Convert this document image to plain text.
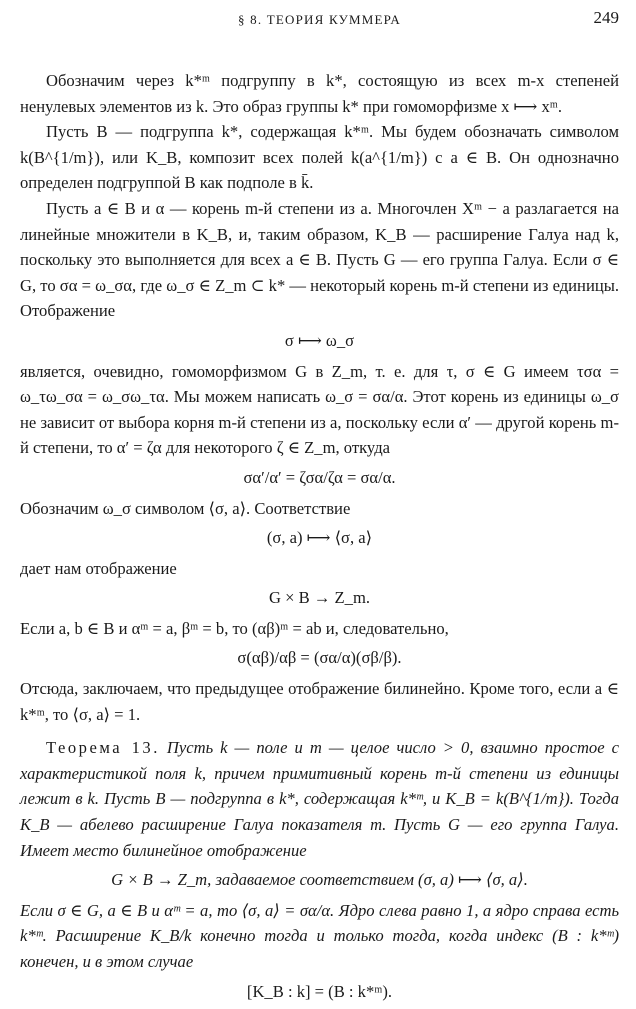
§ 8. ТЕОРИЯ КУММЕРА	249

Обозначим через k*ᵐ подгруппу в k*, состоящую из всех m-х степеней ненулевых элементов из k. Это образ группы k* при гомоморфизме x ⟼ xᵐ.

Пусть B — подгруппа k*, содержащая k*ᵐ. Мы будем обозначать символом k(B^{1/m}), или K_B, композит всех полей k(a^{1/m}) с a ∈ B. Он однозначно определен подгруппой B как подполе в k̄.

Пусть a ∈ B и α — корень m-й степени из a. Многочлен Xᵐ − a разлагается на линейные множители в K_B, и, таким образом, K_B — расширение Галуа над k, поскольку это выполняется для всех a ∈ B. Пусть G — его группа Галуа. Если σ ∈ G, то σα = ω_σα, где ω_σ ∈ Z_m ⊂ k* — некоторый корень m-й степени из единицы. Отображение

σ ⟼ ω_σ

является, очевидно, гомоморфизмом G в Z_m, т. е. для τ, σ ∈ G имеем τσα = ω_τω_σα = ω_σω_τα. Мы можем написать ω_σ = σα/α. Этот корень из единицы ω_σ не зависит от выбора корня m-й степени из a, поскольку если α′ — другой корень m-й степени, то α′ = ζα для некоторого ζ ∈ Z_m, откуда

σα′/α′ = ζσα/ζα = σα/α.

Обозначим ω_σ символом ⟨σ, a⟩. Соответствие

(σ, a) ⟼ ⟨σ, a⟩

дает нам отображение

G × B → Z_m.

Если a, b ∈ B и αᵐ = a, βᵐ = b, то (αβ)ᵐ = ab и, следовательно,

σ(αβ)/αβ = (σα/α)(σβ/β).

Отсюда, заключаем, что предыдущее отображение билинейно. Кроме того, если a ∈ k*ᵐ, то ⟨σ, a⟩ = 1.

Теорема 13. Пусть k — поле и m — целое число > 0, взаимно простое с характеристикой поля k, причем примитивный корень m-й степени из единицы лежит в k. Пусть B — подгруппа в k*, содержащая k*ᵐ, и K_B = k(B^{1/m}). Тогда K_B — абелево расширение Галуа показателя m. Пусть G — его группа Галуа. Имеет место билинейное отображение

G × B → Z_m, задаваемое соответствием (σ, a) ⟼ ⟨σ, a⟩.

Если σ ∈ G, a ∈ B и αᵐ = a, то ⟨σ, a⟩ = σα/α. Ядро слева равно 1, а ядро справа есть k*ᵐ. Расширение K_B/k конечно тогда и только тогда, когда индекс (B : k*ᵐ) конечен, и в этом случае

[K_B : k] = (B : k*ᵐ).
